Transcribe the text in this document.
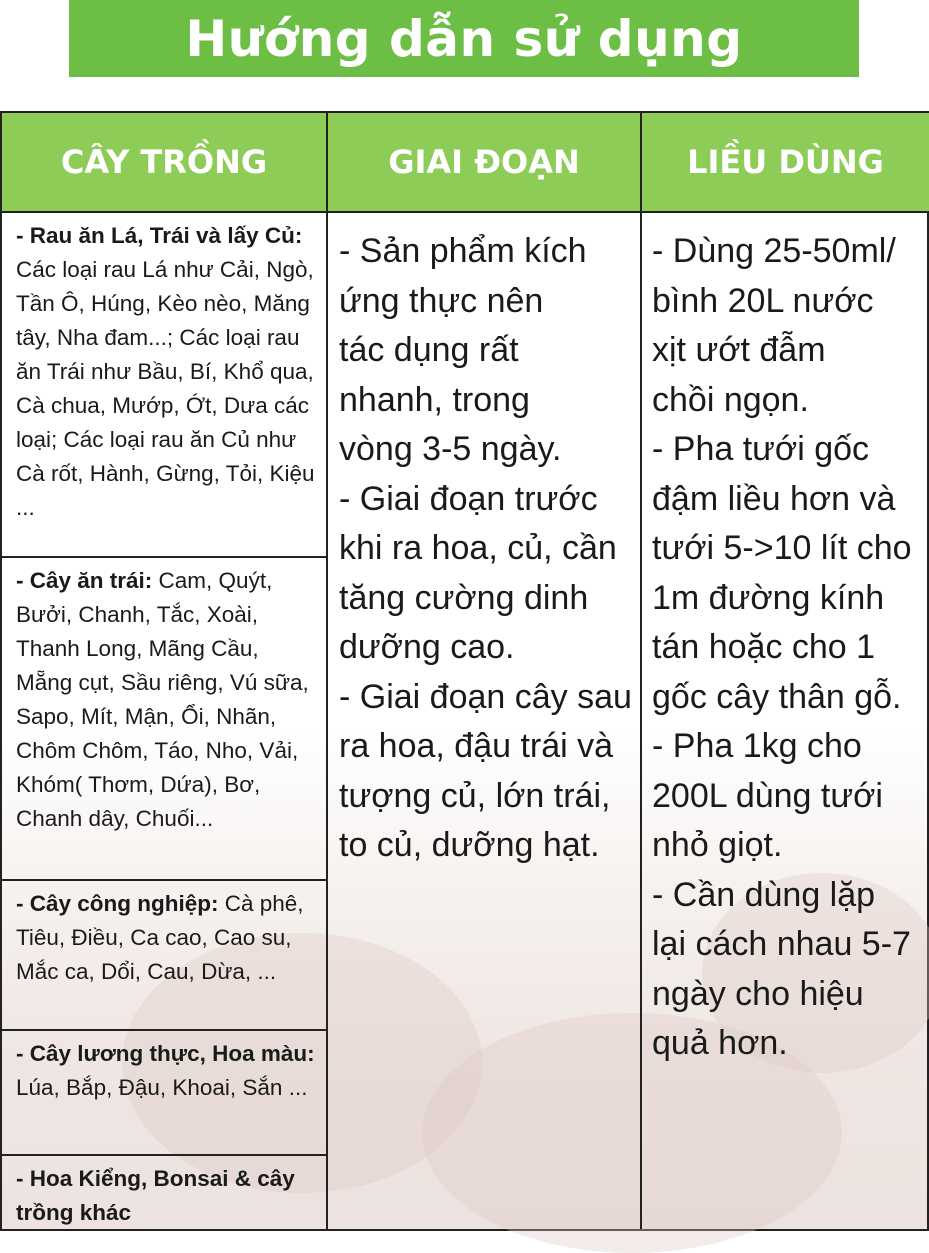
Hướng dẫn sử dụng
CÂY TRỒNG
- Rau ăn Lá, Trái và lấy Củ: Các loại rau Lá như Cải, Ngò, Tần Ô, Húng, Kèo nèo, Măng tây, Nha đam...; Các loại rau ăn Trái như Bầu, Bí, Khổ qua, Cà chua, Mướp, Ớt, Dưa các loại; Các loại rau ăn Củ như Cà rốt, Hành, Gừng, Tỏi, Kiệu ...
- Cây ăn trái: Cam, Quýt, Bưởi, Chanh, Tắc, Xoài, Thanh Long, Mãng Cầu, Mẵng cụt, Sầu riêng, Vú sữa, Sapo, Mít, Mận, Ổi, Nhãn, Chôm Chôm, Táo, Nho, Vải, Khóm( Thơm, Dứa), Bơ, Chanh dây, Chuối...
- Cây công nghiệp: Cà phê, Tiêu, Điều, Ca cao, Cao su, Mắc ca, Dổi, Cau, Dừa, ...
- Cây lương thực, Hoa màu: Lúa, Bắp, Đậu, Khoai, Sắn ...
- Hoa Kiểng, Bonsai & cây trồng khác
GIAI ĐOẠN
- Sản phẩm kích
ứng thực nên
tác dụng rất
nhanh, trong
vòng 3-5 ngày.
- Giai đoạn trước
khi ra hoa, củ, cần
tăng cường dinh
dưỡng cao.
- Giai đoạn cây sau
ra hoa, đậu trái và
tượng củ, lớn trái,
to củ, dưỡng hạt.
LIỀU DÙNG
- Dùng 25-50ml/
bình 20L nước
xịt ướt đẫm
chồi ngọn.
- Pha tưới gốc
đậm liều hơn và
tưới 5->10 lít cho
1m đường kính
tán hoặc cho 1
gốc cây thân gỗ.
- Pha 1kg cho
200L dùng tưới
nhỏ giọt.
- Cần dùng lặp
lại cách nhau 5-7
ngày cho hiệu
quả hơn.
